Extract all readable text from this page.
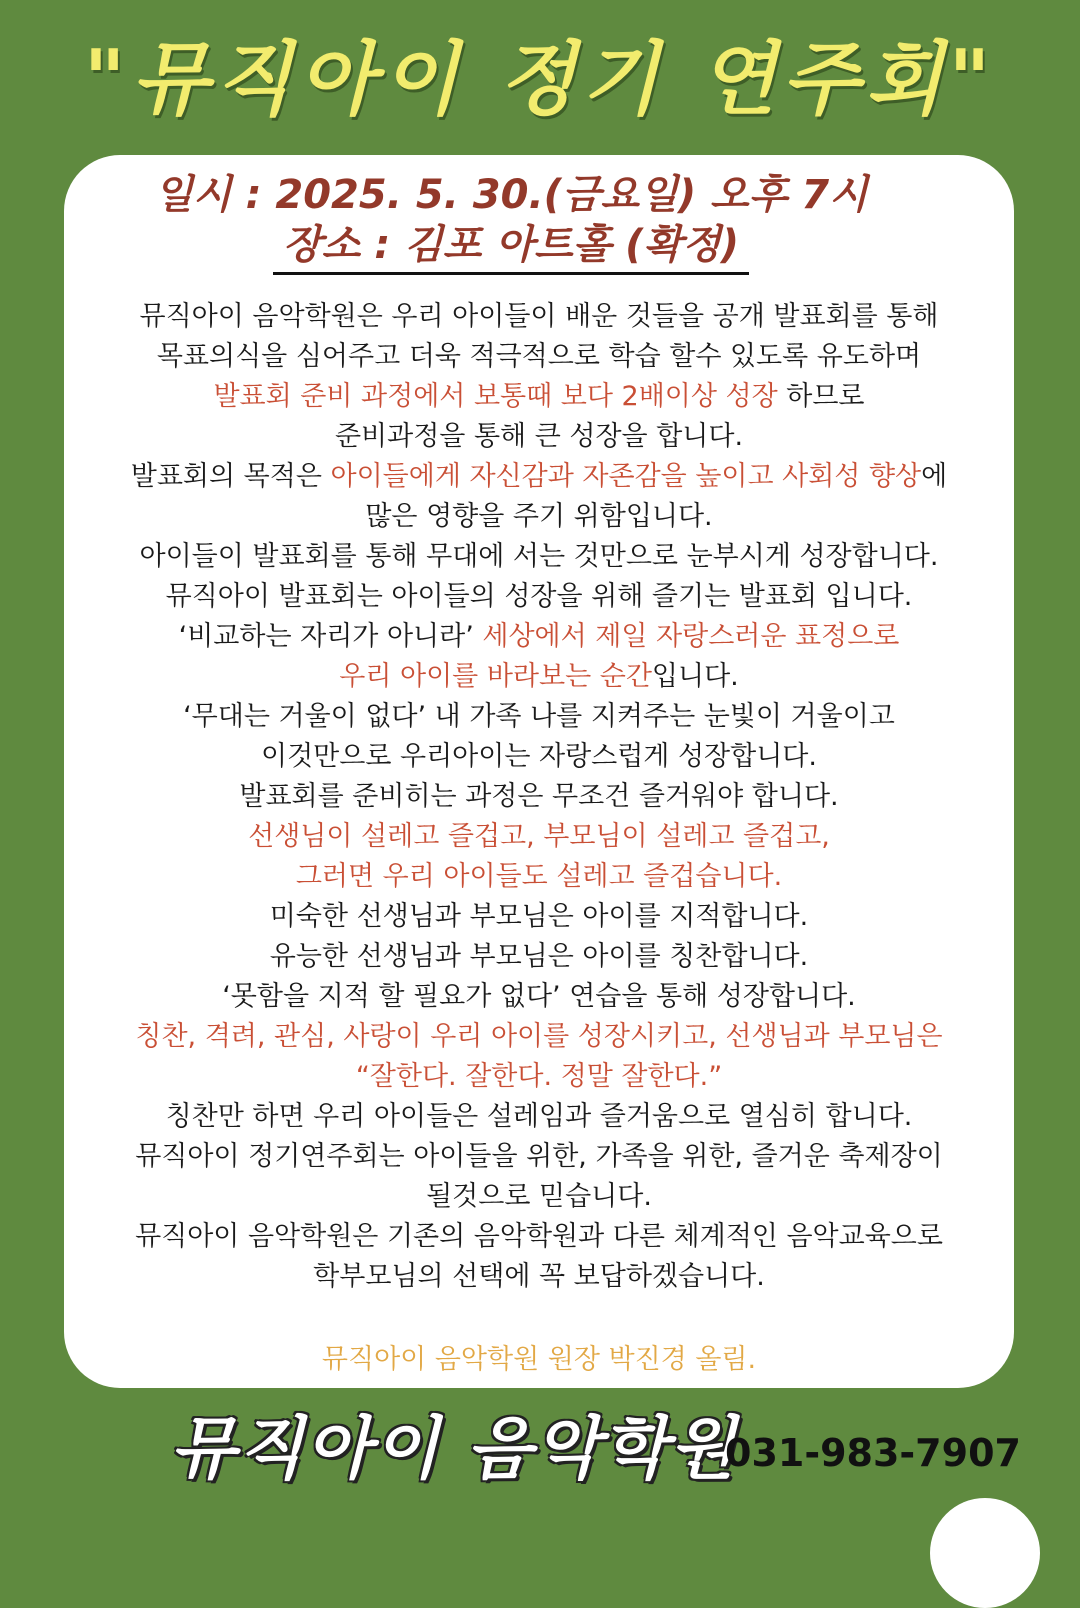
"뮤직아이 정기 연주회"
일시 : 2025. 5. 30.(금요일) 오후 7시
장소 : 김포 아트홀 (확정)
뮤직아이 음악학원은 우리 아이들이 배운 것들을 공개 발표회를 통해
목표의식을 심어주고 더욱 적극적으로 학습 할수 있도록 유도하며
발표회 준비 과정에서 보통때 보다 2배이상 성장 하므로
준비과정을 통해 큰 성장을 합니다.
발표회의 목적은 아이들에게 자신감과 자존감을 높이고 사회성 향상에
많은 영향을 주기 위함입니다.
아이들이 발표회를 통해 무대에 서는 것만으로 눈부시게 성장합니다.
뮤직아이 발표회는 아이들의 성장을 위해 즐기는 발표회 입니다.
‘비교하는 자리가 아니라’ 세상에서 제일 자랑스러운 표정으로
우리 아이를 바라보는 순간입니다.
‘무대는 거울이 없다’ 내 가족 나를 지켜주는 눈빛이 거울이고
이것만으로 우리아이는 자랑스럽게 성장합니다.
발표회를 준비히는 과정은 무조건 즐거워야 합니다.
선생님이 설레고 즐겁고, 부모님이 설레고 즐겁고,
그러면 우리 아이들도 설레고 즐겁습니다.
미숙한 선생님과 부모님은 아이를 지적합니다.
유능한 선생님과 부모님은 아이를 칭찬합니다.
‘못함을 지적 할 필요가 없다’ 연습을 통해 성장합니다.
칭찬, 격려, 관심, 사랑이 우리 아이를 성장시키고, 선생님과 부모님은
“잘한다. 잘한다. 정말 잘한다.”
칭찬만 하면 우리 아이들은 설레임과 즐거움으로 열심히 합니다.
뮤직아이 정기연주회는 아이들을 위한, 가족을 위한, 즐거운 축제장이
될것으로 믿습니다.
뮤직아이 음악학원은 기존의 음악학원과 다른 체계적인 음악교육으로
학부모님의 선택에 꼭 보답하겠습니다.
뮤직아이 음악학원 원장 박진경 올림.
뮤직아이 음악학원
031-983-7907
